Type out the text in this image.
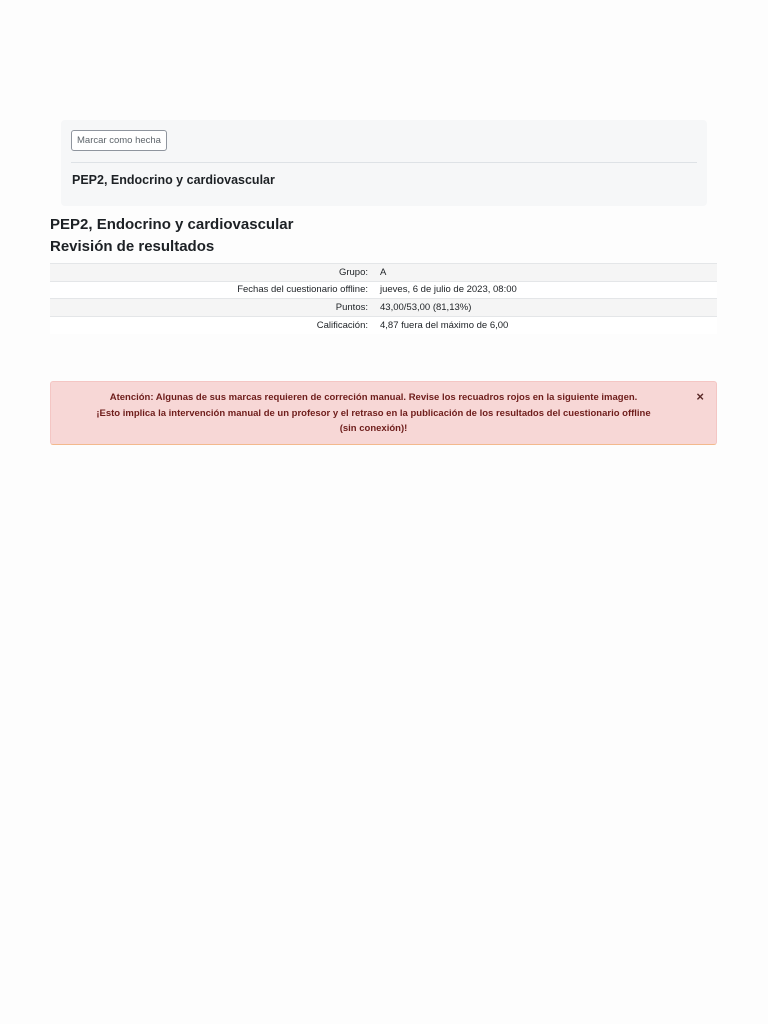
Marcar como hecha
PEP2, Endocrino y cardiovascular
PEP2, Endocrino y cardiovascular
Revisión de resultados
Grupo:	A
Fechas del cuestionario offline:	jueves, 6 de julio de 2023, 08:00
Puntos:	43,00/53,00 (81,13%)
Calificación:	4,87 fuera del máximo de 6,00
Atención: Algunas de sus marcas requieren de correción manual. Revise los recuadros rojos en la siguiente imagen.
¡Esto implica la intervención manual de un profesor y el retraso en la publicación de los resultados del cuestionario offline
(sin conexión)!
×
